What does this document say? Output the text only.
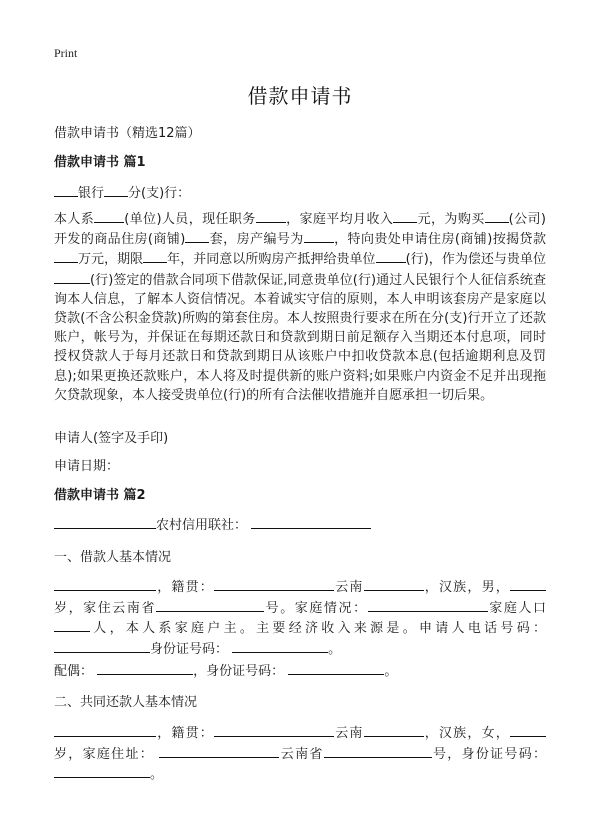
Print
借款申请书
借款申请书（精选12篇）
借款申请书 篇1
银行 分(支)行：
本人系 (单位)人员，现任职务 ，家庭平均月收入 元，为购买 (公司)开发的商品住房(商铺) 套，房产编号为 ，特向贵处申请住房(商铺)按揭贷款万元，期限 年，并同意以所购房产抵押给贵单位 (行)，作为偿还与贵单位(行)签定的借款合同项下借款保证,同意贵单位(行)通过人民银行个人征信系统查询本人信息，了解本人资信情况。本着诚实守信的原则，本人申明该套房产是家庭以贷款(不含公积金贷款)所购的第套住房。本人按照贵行要求在所在分(支)行开立了还款账户，帐号为，并保证在每期还款日和贷款到期日前足额存入当期还本付息项，同时授权贷款人于每月还款日和贷款到期日从该账户中扣收贷款本息(包括逾期利息及罚息);如果更换还款账户，本人将及时提供新的账户资料;如果账户内资金不足并出现拖欠贷款现象，本人接受贵单位(行)的所有合法催收措施并自愿承担一切后果。
申请人(签字及手印)
申请日期：
借款申请书 篇2
农村信用联社：
一、借款人基本情况
，籍贯：	云南	，汉族，男，岁，家住云南省	号。家庭情况：	家庭人口人，本人系家庭户主。主要经济收入来源是。申请人电话号码：身份证号码：	。
配偶：	，身份证号码：	。
二、共同还款人基本情况
，籍贯：	云南	，汉族，女，岁，家庭住址：	云南省	号，身份证号码： 。
